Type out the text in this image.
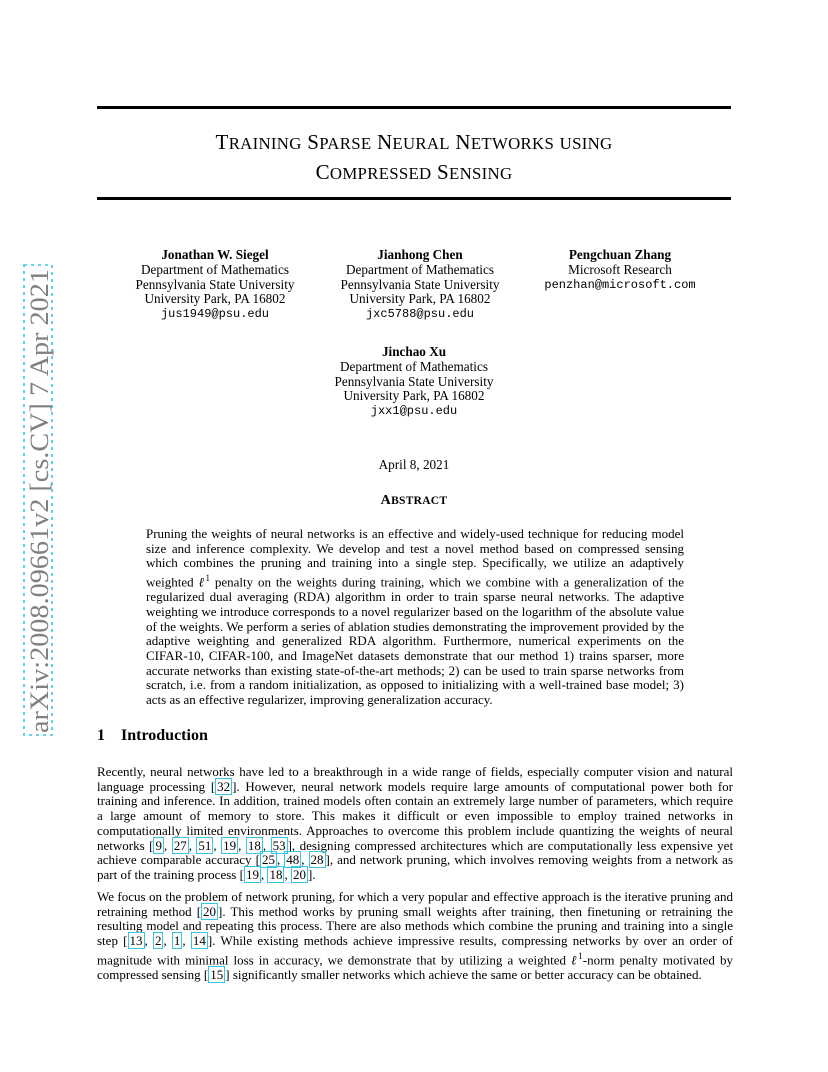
arXiv:2008.09661v2 [cs.CV] 7 Apr 2021
TRAINING SPARSE NEURAL NETWORKS USING
COMPRESSED SENSING
Jonathan W. Siegel
Department of Mathematics
Pennsylvania State University
University Park, PA 16802
jus1949@psu.edu
Jianhong Chen
Department of Mathematics
Pennsylvania State University
University Park, PA 16802
jxc5788@psu.edu
Pengchuan Zhang
Microsoft Research
penzhan@microsoft.com
Jinchao Xu
Department of Mathematics
Pennsylvania State University
University Park, PA 16802
jxx1@psu.edu
April 8, 2021
ABSTRACT
Pruning the weights of neural networks is an effective and widely-used technique for reducing model size and inference complexity. We develop and test a novel method based on compressed sensing which combines the pruning and training into a single step. Specifically, we utilize an adaptively weighted ℓ$^1$ penalty on the weights during training, which we combine with a generalization of the regularized dual averaging (RDA) algorithm in order to train sparse neural networks. The adaptive weighting we introduce corresponds to a novel regularizer based on the logarithm of the absolute value of the weights. We perform a series of ablation studies demonstrating the improvement provided by the adaptive weighting and generalized RDA algorithm. Furthermore, numerical experiments on the CIFAR-10, CIFAR-100, and ImageNet datasets demonstrate that our method 1) trains sparser, more accurate networks than existing state-of-the-art methods; 2) can be used to train sparse networks from scratch, i.e. from a random initialization, as opposed to initializing with a well-trained base model; 3) acts as an effective regularizer, improving generalization accuracy.
1 Introduction
Recently, neural networks have led to a breakthrough in a wide range of fields, especially computer vision and natural language processing [ 32 ]. However, neural network models require large amounts of computational power both for training and inference. In addition, trained models often contain an extremely large number of parameters, which require a large amount of memory to store. This makes it difficult or even impossible to employ trained networks in computationally limited environments. Approaches to overcome this problem include quantizing the weights of neural networks [ 9 , 27 , 51 , 19 , 18 , 53 ], designing compressed architectures which are computationally less expensive yet achieve comparable accuracy [ 25 , 48 , 28 ], and network pruning, which involves removing weights from a network as part of the training process [ 19 , 18 , 20 ].
We focus on the problem of network pruning, for which a very popular and effective approach is the iterative pruning and retraining method [ 20 ]. This method works by pruning small weights after training, then finetuning or retraining the resulting model and repeating this process. There are also methods which combine the pruning and training into a single step [ 13 , 2 , 1 , 14 ]. While existing methods achieve impressive results, compressing networks by over an order of magnitude with minimal loss in accuracy, we demonstrate that by utilizing a weighted ℓ$^1$-norm penalty motivated by compressed sensing [ 15 ] significantly smaller networks which achieve the same or better accuracy can be obtained.
